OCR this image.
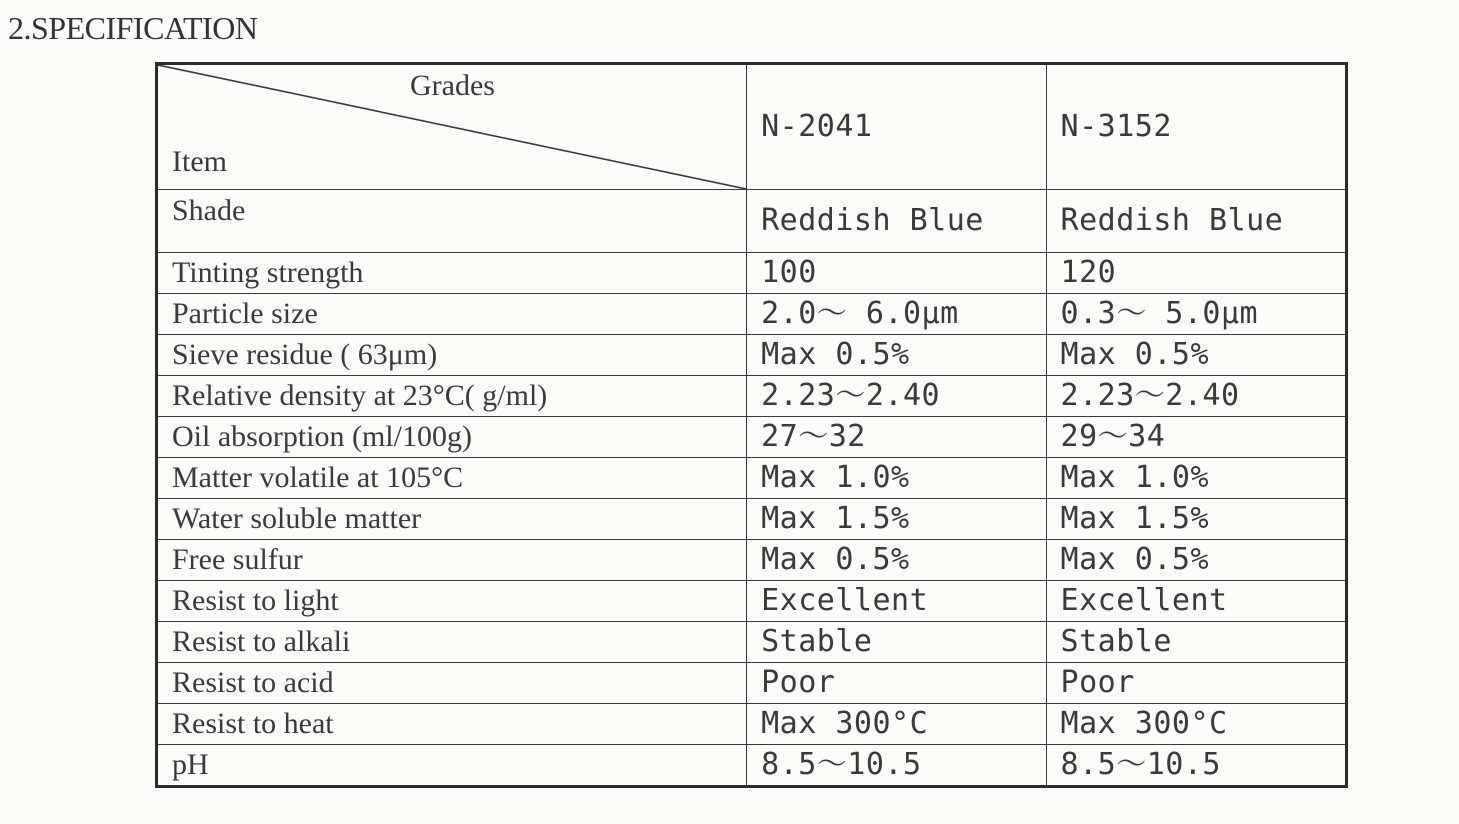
2.SPECIFICATION
Grades
Item	N-2041	N-3152
Shade	Reddish Blue	Reddish Blue
Tinting strength	100	120
Particle size	2.0～ 6.0μm	0.3～ 5.0μm
Sieve residue ( 63μm)	Max 0.5%	Max 0.5%
Relative density at 23°C( g/ml)	2.23～2.40	2.23～2.40
Oil absorption (ml/100g)	27～32	29～34
Matter volatile at 105°C	Max 1.0%	Max 1.0%
Water soluble matter	Max 1.5%	Max 1.5%
Free sulfur	Max 0.5%	Max 0.5%
Resist to light	Excellent	Excellent
Resist to alkali	Stable	Stable
Resist to acid	Poor	Poor
Resist to heat	Max 300°C	Max 300°C
pH	8.5～10.5	8.5～10.5
